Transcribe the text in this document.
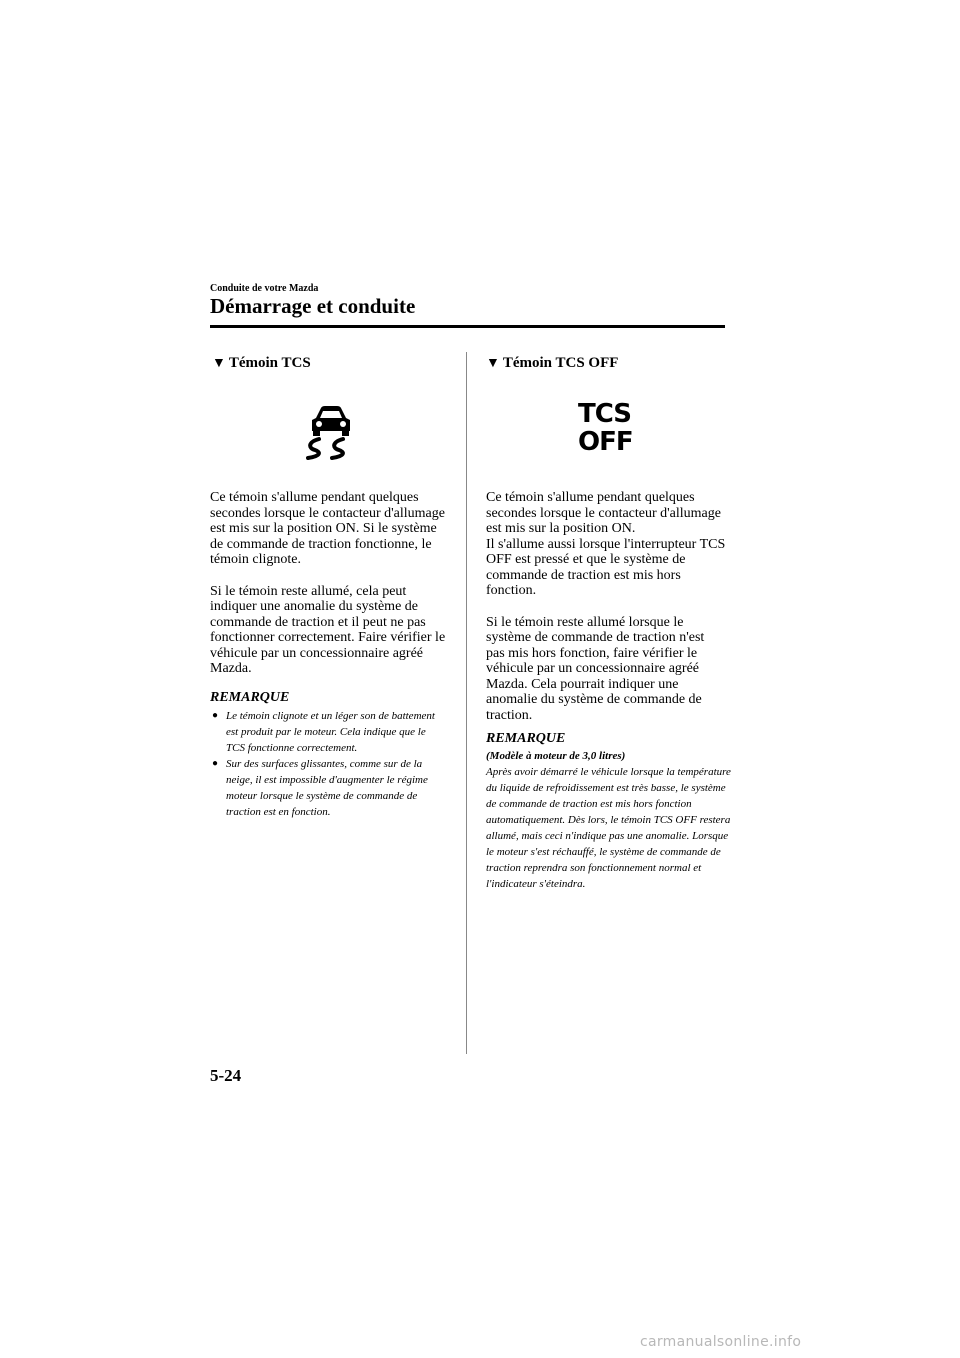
Conduite de votre Mazda
Démarrage et conduite
▼ Témoin TCS

Ce témoin s'allume pendant quelques secondes lorsque le contacteur d'allumage est mis sur la position ON. Si le système de commande de traction fonctionne, le témoin clignote.

Si le témoin reste allumé, cela peut indiquer une anomalie du système de commande de traction et il peut ne pas fonctionner correctement. Faire vérifier le véhicule par un concessionnaire agréé Mazda.

REMARQUE
● Le témoin clignote et un léger son de battement est produit par le moteur. Cela indique que le TCS fonctionne correctement.
● Sur des surfaces glissantes, comme sur de la neige, il est impossible d'augmenter le régime moteur lorsque le système de commande de traction est en fonction.
▼ Témoin TCS OFF
TCS
OFF

Ce témoin s'allume pendant quelques secondes lorsque le contacteur d'allumage est mis sur la position ON.

Il s'allume aussi lorsque l'interrupteur TCS OFF est pressé et que le système de commande de traction est mis hors fonction.

Si le témoin reste allumé lorsque le système de commande de traction n'est pas mis hors fonction, faire vérifier le véhicule par un concessionnaire agréé Mazda. Cela pourrait indiquer une anomalie du système de commande de traction.

REMARQUE
(Modèle à moteur de 3,0 litres)
Après avoir démarré le véhicule lorsque la température du liquide de refroidissement est très basse, le système de commande de traction est mis hors fonction automatiquement. Dès lors, le témoin TCS OFF restera allumé, mais ceci n'indique pas une anomalie. Lorsque le moteur s'est réchauffé, le système de commande de traction reprendra son fonctionnement normal et l'indicateur s'éteindra.
5-24
carmanualsonline.info
